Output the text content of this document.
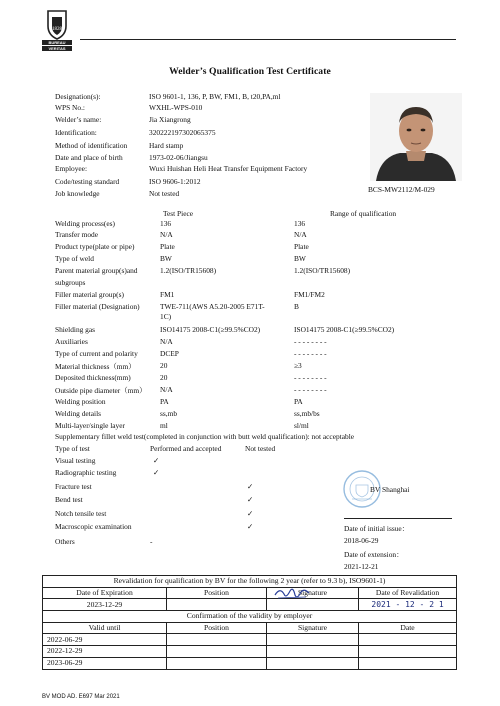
1828
BUREAU
VERITAS
Welder’s Qualification Test Certificate
Designation(s):	ISO 9601-1, 136, P, BW, FM1, B, t20,PA,ml
WPS No.:	WXHL-WPS-010
Welder’s name:	Jia Xiangrong
Identification:	320222197302065375
Method of identification	Hard stamp
Date and place of birth	1973-02-06/Jiangsu
Employee:	Wuxi Huishan Heli Heat Transfer Equipment Factory
Code/testing standard	ISO 9606-1:2012
Job knowledge	Not tested	BCS-MW2112/M-029
Test Piece	Range of qualification
Welding process(es)	136	136
Transfer mode	N/A	N/A
Product type(plate or pipe)	Plate	Plate
Type of weld	BW	BW
Parent material group(s)and	1.2(ISO/TR15608)	1.2(ISO/TR15608)
subgroups
Filler material group(s)	FM1	FM1/FM2
Filler material (Designation)	TWE-711(AWS A5.20-2005 E71T-	B
1C)
Shielding gas	ISO14175 2008-C1(≥99.5%CO2)	ISO14175 2008-C1(≥99.5%CO2)
Auxiliaries	N/A	- - - - - - - -
Type of current and polarity	DCEP	- - - - - - - -
Material thickness（mm）	20	≥3
Deposited thickness(mm)	20	- - - - - - - -
Outside pipe diameter（mm） N/A	- - - - - - - -
Welding position	PA	PA
Welding details	ss,mb	ss,mb/bs
Multi-layer/single layer	ml	sl/ml
Supplementary fillet weld test(completed in conjunction with butt weld qualification): not acceptable
Type of test	Performed and accepted	Not tested
Visual testing	✓
Radiographic testing	✓
Fracture test	✓
Bend test	✓
Notch tensile test	✓
Macroscopic examination	✓
Others	-
BV Shanghai
Date of initial issue：
2018-06-29
Date of extension：
2021-12-21
Revalidation for qualification by BV for the following 2 year (refer to 9.3 b), ISO9601-1)			
Date of Expiration	Position	Signature	Date of Revalidation
2023-12-29			2021 - 12 - 2 1
Confirmation of the validity by employer			
Valid until	Position	Signature	Date
2022-06-29			
2022-12-29			
2023-06-29			
BV MOD AD. E697 Mar 2021
